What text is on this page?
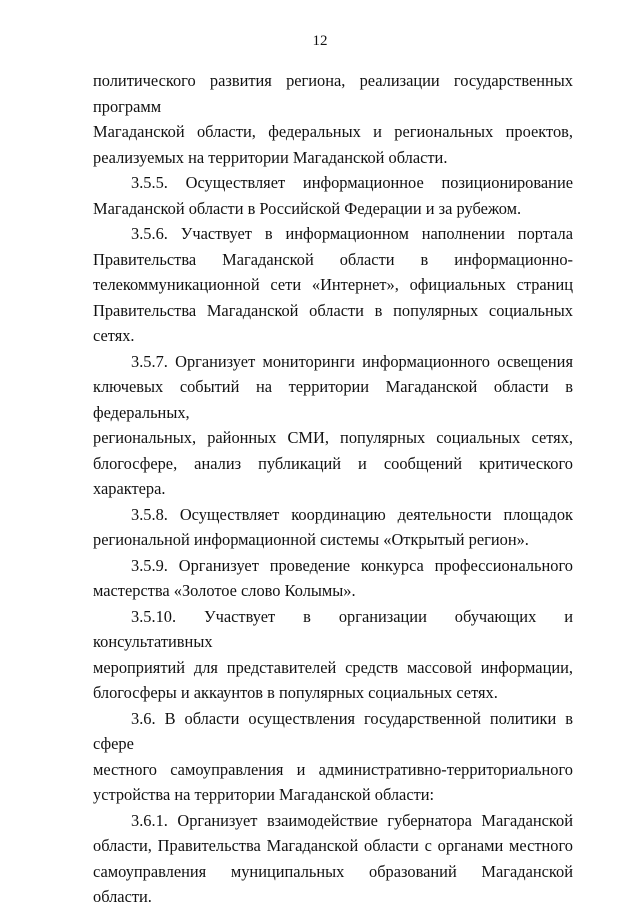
12

политического развития региона, реализации государственных программ
Магаданской области, федеральных и региональных проектов,
реализуемых на территории Магаданской области.

3.5.5. Осуществляет информационное позиционирование
Магаданской области в Российской Федерации и за рубежом.

3.5.6. Участвует в информационном наполнении портала
Правительства Магаданской области в информационно-
телекоммуникационной сети «Интернет», официальных страниц
Правительства Магаданской области в популярных социальных сетях.

3.5.7. Организует мониторинги информационного освещения
ключевых событий на территории Магаданской области в федеральных,
региональных, районных СМИ, популярных социальных сетях,
блогосфере, анализ публикаций и сообщений критического характера.

3.5.8. Осуществляет координацию деятельности площадок
региональной информационной системы «Открытый регион».

3.5.9. Организует проведение конкурса профессионального
мастерства «Золотое слово Колымы».

3.5.10. Участвует в организации обучающих и консультативных
мероприятий для представителей средств массовой информации,
блогосферы и аккаунтов в популярных социальных сетях.

3.6. В области осуществления государственной политики в сфере
местного самоуправления и административно-территориального
устройства на территории Магаданской области:

3.6.1. Организует взаимодействие губернатора Магаданской
области, Правительства Магаданской области с органами местного
самоуправления муниципальных образований Магаданской области.
